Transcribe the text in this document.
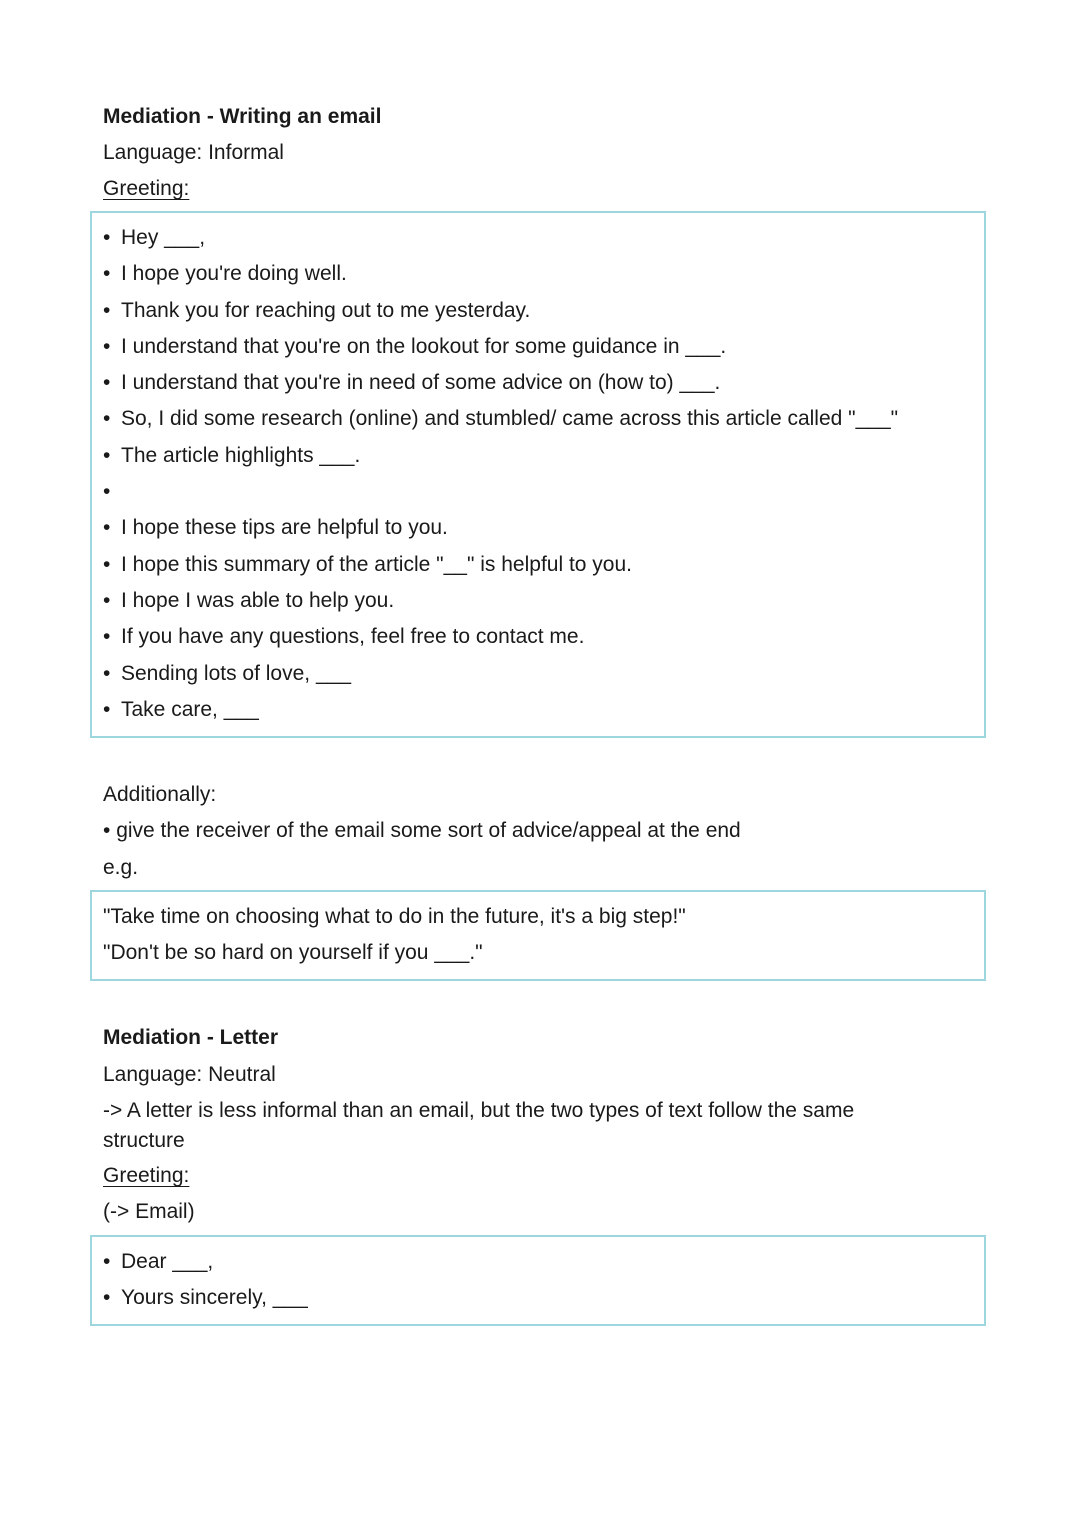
Mediation - Writing an email
Language: Informal
Greeting:
• Hey ___,
• I hope you're doing well.
• Thank you for reaching out to me yesterday.
• I understand that you're on the lookout for some guidance in ___.
• I understand that you're in need of some advice on (how to) ___.
• So, I did some research (online) and stumbled/ came across this article called "___"
• The article highlights ___.
•
• I hope these tips are helpful to you.
• I hope this summary of the article "__" is helpful to you.
• I hope I was able to help you.
• If you have any questions, feel free to contact me.
• Sending lots of love, ___
• Take care, ___
Additionally:
• give the receiver of the email some sort of advice/appeal at the end
e.g.
"Take time on choosing what to do in the future, it's a big step!"
"Don't be so hard on yourself if you ___."
Mediation - Letter
Language: Neutral
-> A letter is less informal than an email, but the two types of text follow the same structure
Greeting:
(-> Email)
• Dear ___,
• Yours sincerely, ___
